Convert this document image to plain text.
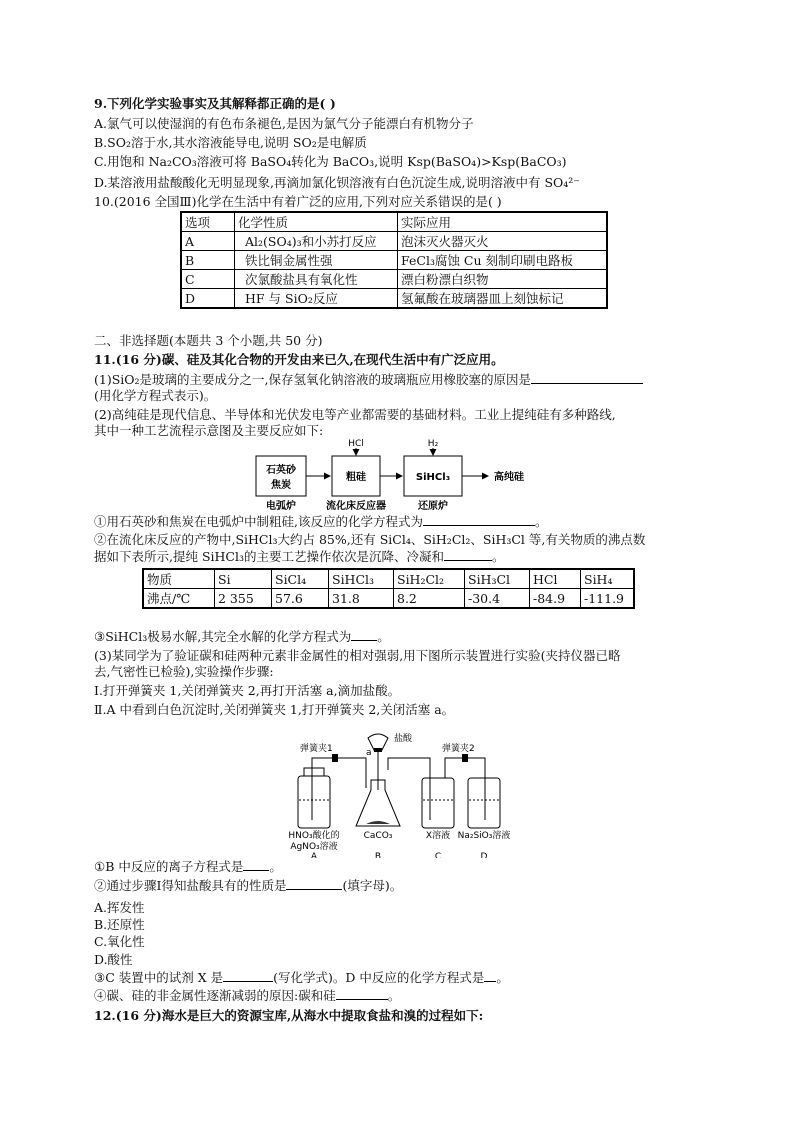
9.下列化学实验事实及其解释都正确的是( )
A.氯气可以使湿润的有色布条褪色,是因为氯气分子能漂白有机物分子
B.SO₂溶于水,其水溶液能导电,说明 SO₂是电解质
C.用饱和 Na₂CO₃溶液可将 BaSO₄转化为 BaCO₃,说明 Ksp(BaSO₄)>Ksp(BaCO₃)
D.某溶液用盐酸酸化无明显现象,再滴加氯化钡溶液有白色沉淀生成,说明溶液中有 SO₄²⁻
10.(2016 全国Ⅲ)化学在生活中有着广泛的应用,下列对应关系错误的是( )
选项	化学性质	实际应用
A	Al₂(SO₄)₃和小苏打反应	泡沫灭火器灭火
B	铁比铜金属性强	FeCl₃腐蚀 Cu 刻制印刷电路板
C	次氯酸盐具有氧化性	漂白粉漂白织物
D	HF 与 SiO₂反应	氢氟酸在玻璃器皿上刻蚀标记
二、非选择题(本题共 3 个小题,共 50 分)
11.(16 分)碳、硅及其化合物的开发由来已久,在现代生活中有广泛应用。
(1)SiO₂是玻璃的主要成分之一,保存氢氧化钠溶液的玻璃瓶应用橡胶塞的原因是
(用化学方程式表示)。
(2)高纯硅是现代信息、半导体和光伏发电等产业都需要的基础材料。工业上提纯硅有多种路线,
其中一种工艺流程示意图及主要反应如下:
石英砂
焦炭
粗硅	SiHCl₃	高纯硅
HCl	H₂
电弧炉	流化床反应器	还原炉
①用石英砂和焦炭在电弧炉中制粗硅,该反应的化学方程式为	。
②在流化床反应的产物中,SiHCl₃大约占 85%,还有 SiCl₄、SiH₂Cl₂、SiH₃Cl 等,有关物质的沸点数
据如下表所示,提纯 SiHCl₃的主要工艺操作依次是沉降、冷凝和	。
物质	Si	SiCl₄	SiHCl₃	SiH₂Cl₂	SiH₃Cl	HCl	SiH₄
沸点/℃	2 355	57.6	31.8	8.2	-30.4	-84.9	-111.9
③SiHCl₃极易水解,其完全水解的化学方程式为 。
(3)某同学为了验证碳和硅两种元素非金属性的相对强弱,用下图所示装置进行实验(夹持仪器已略
去,气密性已检验),实验操作步骤:
Ⅰ.打开弹簧夹 1,关闭弹簧夹 2,再打开活塞 a,滴加盐酸。
Ⅱ.A 中看到白色沉淀时,关闭弹簧夹 1,打开弹簧夹 2,关闭活塞 a。
弹簧夹1	弹簧夹2
盐酸
a
HNO₃酸化的
AgNO₃溶液
CaCO₃	X溶液 Na₂SiO₃溶液
A	B	C	D
①B 中反应的离子方程式是 。
②通过步骤Ⅰ得知盐酸具有的性质是	(填字母)。
A.挥发性
B.还原性
C.氧化性
D.酸性
③C 装置中的试剂 X 是	(写化学式)。D 中反应的化学方程式是 。
④碳、硅的非金属性逐渐减弱的原因:碳和硅	。
12.(16 分)海水是巨大的资源宝库,从海水中提取食盐和溴的过程如下:
